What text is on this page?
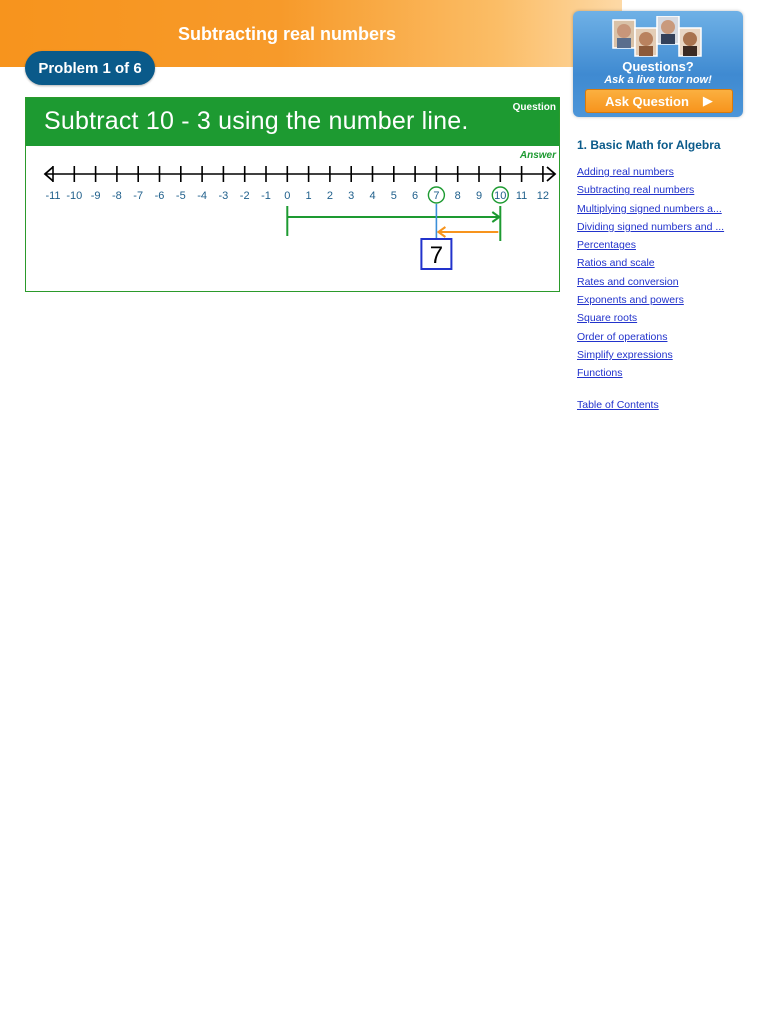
Subtracting real numbers
Problem 1 of 6
Subtract 10 - 3 using the number line.	Question
Answer
-11 -10 -9 -8 -7 -6 -5 -4 -3 -2 -1 0 1 2 3 4 5 6 7 8 9 10 11 12
7
Questions?
Ask a live tutor now!
Ask Question ▶
1. Basic Math for Algebra
Adding real numbers
Subtracting real numbers
Multiplying signed numbers a...
Dividing signed numbers and ...
Percentages
Ratios and scale
Rates and conversion
Exponents and powers
Square roots
Order of operations
Simplify expressions
Functions
Table of Contents
